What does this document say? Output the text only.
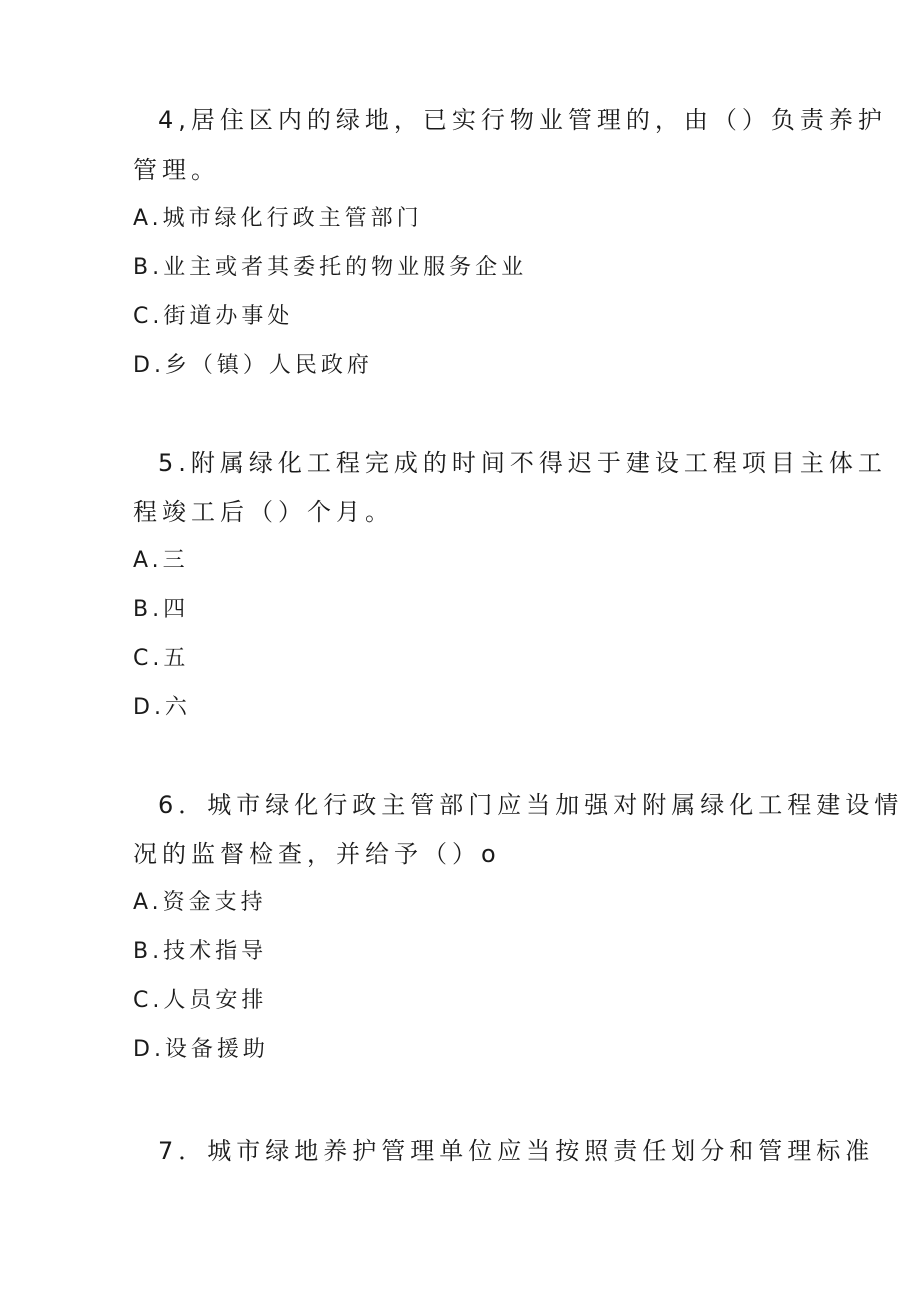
4,居住区内的绿地，已实行物业管理的，由（）负责养护
管理。
A.城市绿化行政主管部门
B.业主或者其委托的物业服务企业
C.街道办事处
D.乡（镇）人民政府
5.附属绿化工程完成的时间不得迟于建设工程项目主体工
程竣工后（）个月。
A.三
B.四
C.五
D.六
6．城市绿化行政主管部门应当加强对附属绿化工程建设情
况的监督检查，并给予（）o
A.资金支持
B.技术指导
C.人员安排
D.设备援助
7．城市绿地养护管理单位应当按照责任划分和管理标准
